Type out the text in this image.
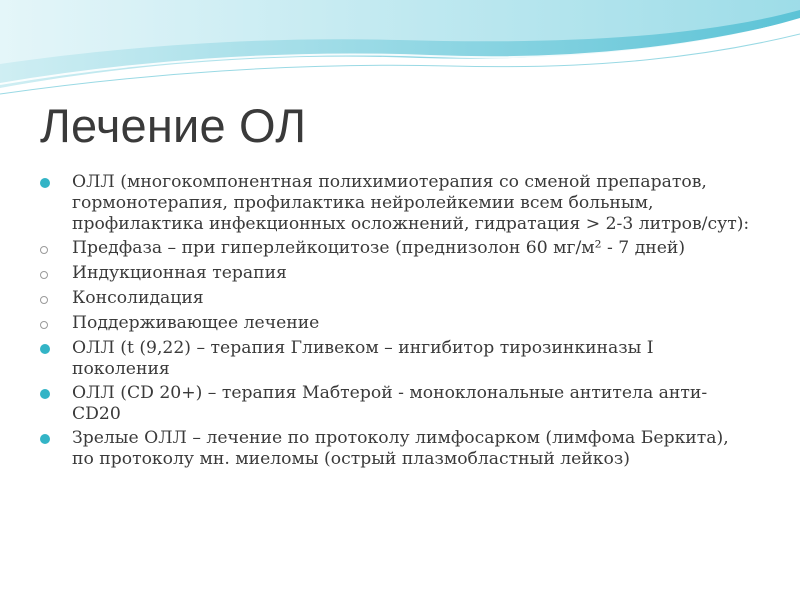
Лечение ОЛ
ОЛЛ (многокомпонентная полихимиотерапия со сменой препаратов, гормонотерапия, профилактика нейролейкемии всем больным, профилактика инфекционных осложнений, гидратация > 2-3 литров/сут):
Предфаза – при гиперлейкоцитозе (преднизолон 60 мг/м² - 7 дней)
Индукционная терапия
Консолидация
Поддерживающее лечение
ОЛЛ (t (9,22) – терапия Гливеком – ингибитор тирозинкиназы I поколения
ОЛЛ (CD 20+) – терапия Мабтерой - моноклональные антитела анти-CD20
Зрелые ОЛЛ – лечение по протоколу лимфосарком (лимфома Беркита), по протоколу мн. миеломы (острый плазмобластный лейкоз)
